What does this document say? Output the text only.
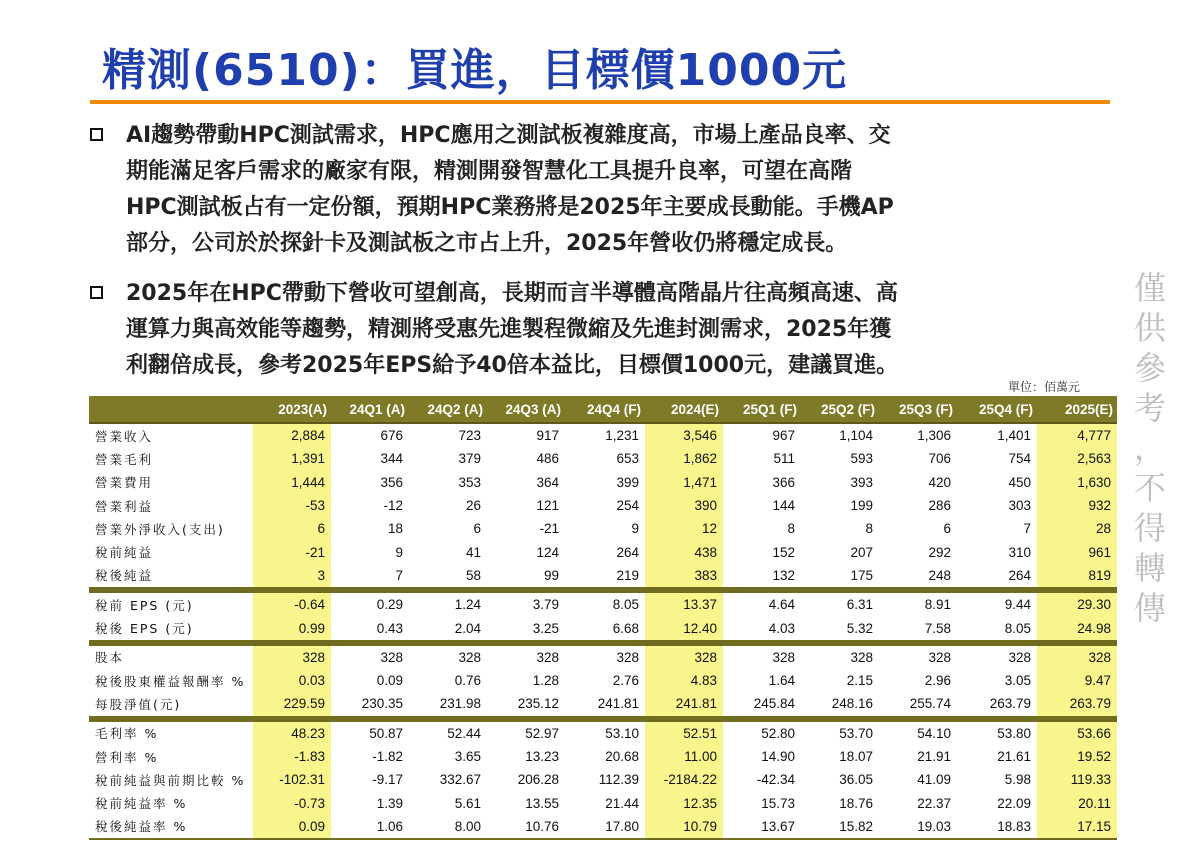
精測(6510)：買進，目標價1000元
AI趨勢帶動HPC測試需求，HPC應用之測試板複雜度高，市場上產品良率、交
期能滿足客戶需求的廠家有限，精測開發智慧化工具提升良率，可望在高階
HPC測試板占有一定份額，預期HPC業務將是2025年主要成長動能。手機AP
部分，公司於於探針卡及測試板之市占上升，2025年營收仍將穩定成長。
2025年在HPC帶動下營收可望創高，長期而言半導體高階晶片往高頻高速、高
運算力與高效能等趨勢，精測將受惠先進製程微縮及先進封測需求，2025年獲
利翻倍成長，參考2025年EPS給予40倍本益比，目標價1000元，建議買進。
僅
供
參
考
，
不
得
轉
傳
單位：佰萬元
	2023(A)	24Q1 (A)	24Q2 (A)	24Q3 (A)	24Q4 (F)	2024(E)	25Q1 (F)	25Q2 (F)	25Q3 (F)	25Q4 (F)	2025(E)
營業收入	2,884	676	723	917	1,231	3,546	967	1,104	1,306	1,401	4,777
營業毛利	1,391	344	379	486	653	1,862	511	593	706	754	2,563
營業費用	1,444	356	353	364	399	1,471	366	393	420	450	1,630
營業利益	-53	-12	26	121	254	390	144	199	286	303	932
營業外淨收入(支出)	6	18	6	-21	9	12	8	8	6	7	28
稅前純益	-21	9	41	124	264	438	152	207	292	310	961
稅後純益	3	7	58	99	219	383	132	175	248	264	819

稅前 EPS (元)	-0.64	0.29	1.24	3.79	8.05	13.37	4.64	6.31	8.91	9.44	29.30
稅後 EPS (元)	0.99	0.43	2.04	3.25	6.68	12.40	4.03	5.32	7.58	8.05	24.98

股本	328	328	328	328	328	328	328	328	328	328	328
稅後股東權益報酬率 %	0.03	0.09	0.76	1.28	2.76	4.83	1.64	2.15	2.96	3.05	9.47
每股淨值(元)	229.59	230.35	231.98	235.12	241.81	241.81	245.84	248.16	255.74	263.79	263.79

毛利率 %	48.23	50.87	52.44	52.97	53.10	52.51	52.80	53.70	54.10	53.80	53.66
營利率 %	-1.83	-1.82	3.65	13.23	20.68	11.00	14.90	18.07	21.91	21.61	19.52
稅前純益與前期比較 %	-102.31	-9.17	332.67	206.28	112.39	-2184.22	-42.34	36.05	41.09	5.98	119.33
稅前純益率 %	-0.73	1.39	5.61	13.55	21.44	12.35	15.73	18.76	22.37	22.09	20.11
稅後純益率 %	0.09	1.06	8.00	10.76	17.80	10.79	13.67	15.82	19.03	18.83	17.15
